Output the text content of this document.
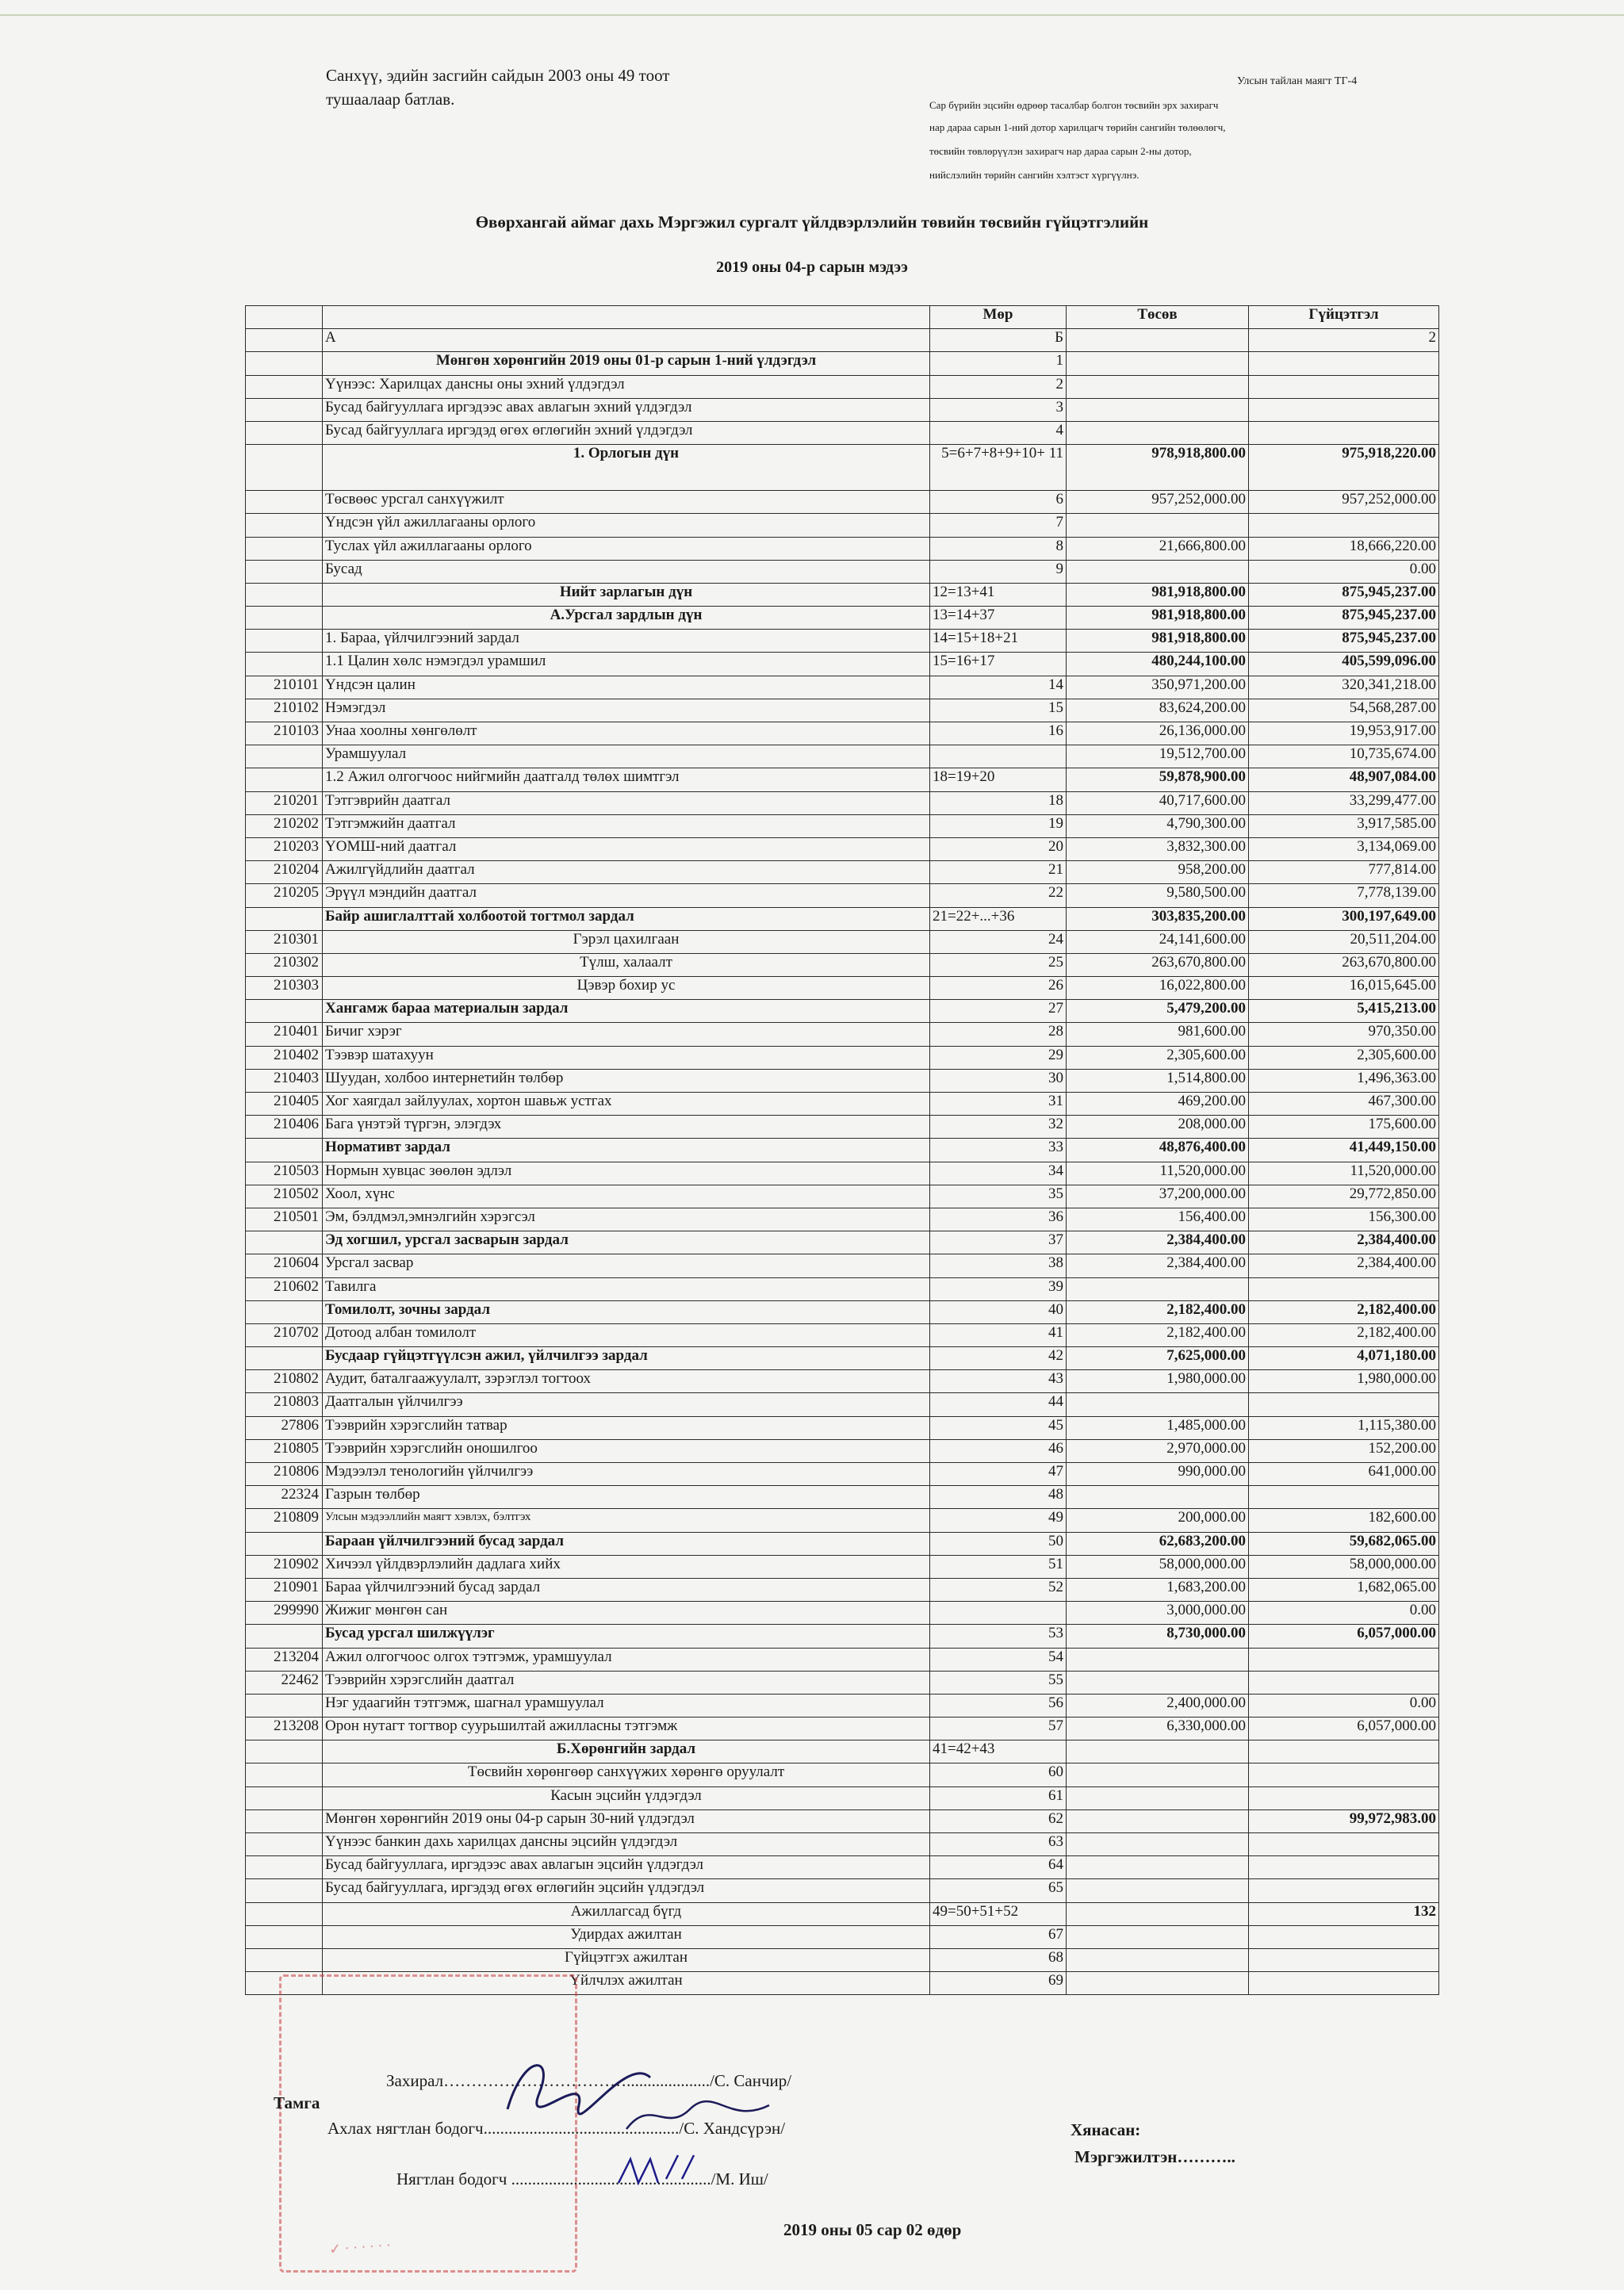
Санхүү, эдийн засгийн сайдын 2003 оны 49 тоот
тушаалаар батлав.
Улсын тайлан маягт ТГ-4
Сар бүрийн эцсийн өдрөөр тасалбар болгон төсвийн эрх захирагч
нар дараа сарын 1-ний дотор харилцагч төрийн сангийн төлөөлөгч,
төсвийн төвлөрүүлэн захирагч нар дараа сарын 2-ны дотор,
нийслэлийн төрийн сангийн хэлтэст хүргүүлнэ.
Өвөрхангай аймаг дахь Мэргэжил сургалт үйлдвэрлэлийн төвийн төсвийн гүйцэтгэлийн
2019 оны 04-р сарын мэдээ
		Мөр	Төсөв	Гүйцэтгэл
	А	Б		2
	Мөнгөн хөрөнгийн 2019 оны 01-р сарын 1-ний үлдэгдэл	1		
	Үүнээс: Харилцах дансны оны эхний үлдэгдэл	2		
	Бусад байгууллага иргэдээс авах авлагын эхний үлдэгдэл	3		
	Бусад байгууллага иргэдэд өгөх өглөгийн эхний үлдэгдэл	4		
	1. Орлогын дүн	5=6+7+8+9+10+ 11	978,918,800.00	975,918,220.00
	Төсвөөс урсгал санхүүжилт	6	957,252,000.00	957,252,000.00
	Үндсэн үйл ажиллагааны орлого	7		
	Туслах үйл ажиллагааны орлого	8	21,666,800.00	18,666,220.00
	Бусад	9		0.00
	Нийт зарлагын дүн	12=13+41	981,918,800.00	875,945,237.00
	А.Урсгал зардлын дүн	13=14+37	981,918,800.00	875,945,237.00
	1. Бараа, үйлчилгээний зардал	14=15+18+21	981,918,800.00	875,945,237.00
	1.1 Цалин хөлс нэмэгдэл урамшил	15=16+17	480,244,100.00	405,599,096.00
210101	Үндсэн цалин	14	350,971,200.00	320,341,218.00
210102	Нэмэгдэл	15	83,624,200.00	54,568,287.00
210103	Унаа хоолны хөнгөлөлт	16	26,136,000.00	19,953,917.00
	Урамшуулал		19,512,700.00	10,735,674.00
	1.2 Ажил олгогчоос нийгмийн даатгалд төлөх шимтгэл	18=19+20	59,878,900.00	48,907,084.00
210201	Тэтгэврийн даатгал	18	40,717,600.00	33,299,477.00
210202	Тэтгэмжийн даатгал	19	4,790,300.00	3,917,585.00
210203	ҮОМШ-ний даатгал	20	3,832,300.00	3,134,069.00
210204	Ажилгүйдлийн даатгал	21	958,200.00	777,814.00
210205	Эрүүл мэндийн даатгал	22	9,580,500.00	7,778,139.00
	Байр ашиглалттай холбоотой тогтмол зардал	21=22+...+36	303,835,200.00	300,197,649.00
210301	Гэрэл цахилгаан	24	24,141,600.00	20,511,204.00
210302	Түлш, халаалт	25	263,670,800.00	263,670,800.00
210303	Цэвэр бохир ус	26	16,022,800.00	16,015,645.00
	Хангамж бараа материалын зардал	27	5,479,200.00	5,415,213.00
210401	Бичиг хэрэг	28	981,600.00	970,350.00
210402	Тээвэр шатахуун	29	2,305,600.00	2,305,600.00
210403	Шуудан, холбоо интернетийн төлбөр	30	1,514,800.00	1,496,363.00
210405	Хог хаягдал зайлуулах, хортон шавьж устгах	31	469,200.00	467,300.00
210406	Бага үнэтэй түргэн, элэгдэх	32	208,000.00	175,600.00
	Нормативт зардал	33	48,876,400.00	41,449,150.00
210503	Нормын хувцас зөөлөн эдлэл	34	11,520,000.00	11,520,000.00
210502	Хоол, хүнс	35	37,200,000.00	29,772,850.00
210501	Эм, бэлдмэл,эмнэлгийн хэрэгсэл	36	156,400.00	156,300.00
	Эд хогшил, урсгал засварын зардал	37	2,384,400.00	2,384,400.00
210604	Урсгал засвар	38	2,384,400.00	2,384,400.00
210602	Тавилга	39		
	Томилолт, зочны зардал	40	2,182,400.00	2,182,400.00
210702	Дотоод албан томилолт	41	2,182,400.00	2,182,400.00
	Бусдаар гүйцэтгүүлсэн ажил, үйлчилгээ зардал	42	7,625,000.00	4,071,180.00
210802	Аудит, баталгаажуулалт, зэрэглэл тогтоох	43	1,980,000.00	1,980,000.00
210803	Даатгалын үйлчилгээ	44		
27806	Тээврийн хэрэгслийн татвар	45	1,485,000.00	1,115,380.00
210805	Тээврийн хэрэгслийн оношилгоо	46	2,970,000.00	152,200.00
210806	Мэдээлэл тенологийн үйлчилгээ	47	990,000.00	641,000.00
22324	Газрын төлбөр	48		
210809	Улсын мэдээллийн маягт хэвлэх, бэлтгэх	49	200,000.00	182,600.00
	Бараан үйлчилгээний бусад зардал	50	62,683,200.00	59,682,065.00
210902	Хичээл үйлдвэрлэлийн дадлага хийх	51	58,000,000.00	58,000,000.00
210901	Бараа үйлчилгээний бусад зардал	52	1,683,200.00	1,682,065.00
299990	Жижиг мөнгөн сан		3,000,000.00	0.00
	Бусад урсгал шилжүүлэг	53	8,730,000.00	6,057,000.00
213204	Ажил олгогчоос олгох тэтгэмж, урамшуулал	54		
22462	Тээврийн хэрэгслийн даатгал	55		
	Нэг удаагийн тэтгэмж, шагнал урамшуулал	56	2,400,000.00	0.00
213208	Орон нутагт тогтвор суурьшилтай ажилласны тэтгэмж	57	6,330,000.00	6,057,000.00
	Б.Хөрөнгийн зардал	41=42+43		
	Төсвийн хөрөнгөөр санхүүжих хөрөнгө оруулалт	60		
	Касын эцсийн үлдэгдэл	61		
	Мөнгөн хөрөнгийн 2019 оны 04-р сарын 30-ний үлдэгдэл	62		99,972,983.00
	Үүнээс банкин дахь харилцах дансны эцсийн үлдэгдэл	63		
	Бусад байгууллага, иргэдээс авах авлагын эцсийн үлдэгдэл	64		
	Бусад байгууллага, иргэдэд өгөх өглөгийн эцсийн үлдэгдэл	65		
	Ажиллагсад бүгд	49=50+51+52		132
	Удирдах ажилтан	67		
	Гүйцэтгэх ажилтан	68		
	Үйлчлэх ажилтан	69		
✓ · · · · · ·
Тамга
Захирал……………………………..................../С. Санчир/
Ахлах нягтлан бодогч.............................................../С. Хандсүрэн/
Нягтлан бодогч ................................................/М. Иш/
Хянасан:
Мэргэжилтэн………..
2019 оны 05 сар 02 өдөр
